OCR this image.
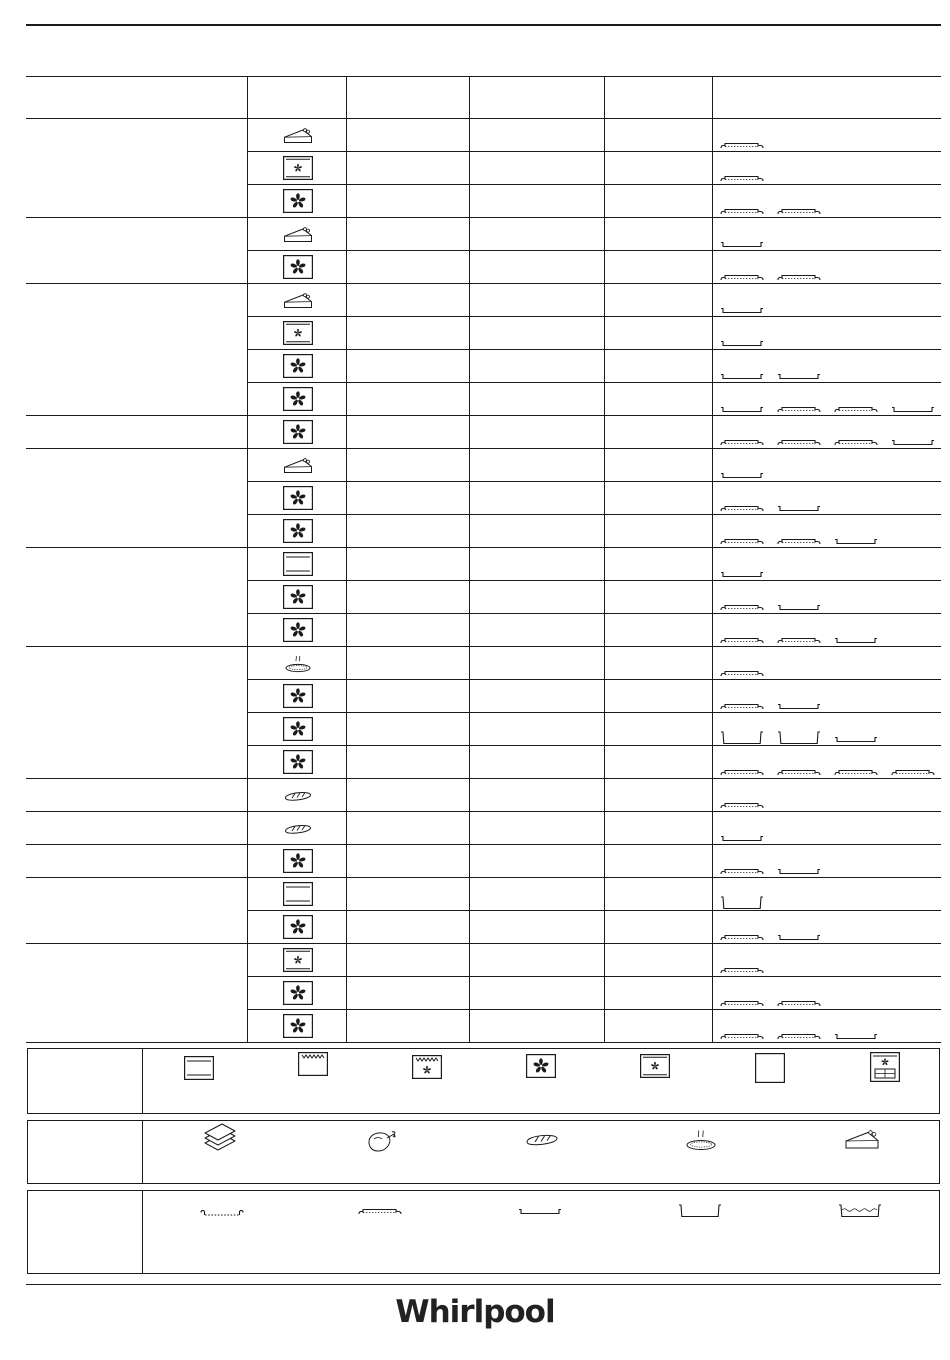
Whirlpool
